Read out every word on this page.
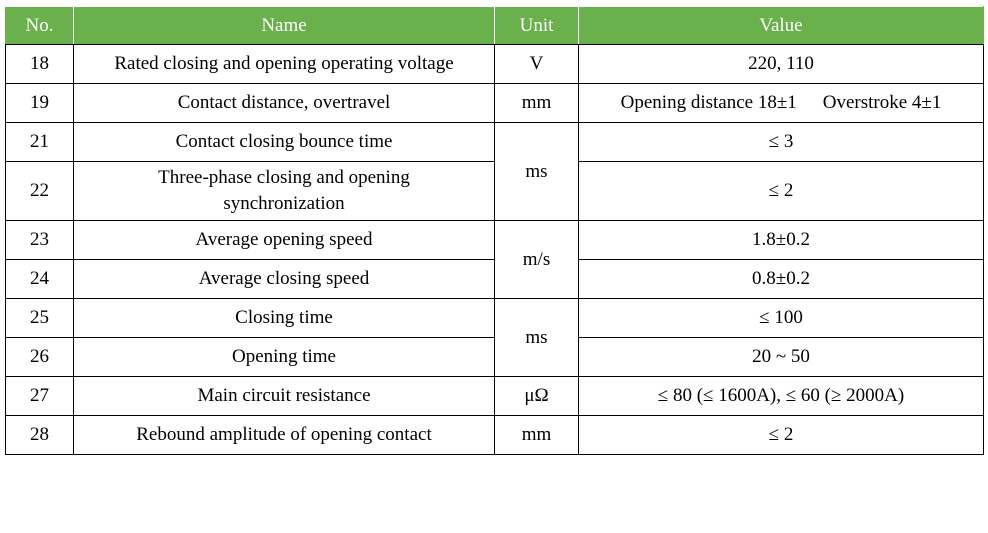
No.	Name	Unit	Value
18	Rated closing and opening operating voltage	V	220, 110
19	Contact distance, overtravel	mm	Opening distance 18±1 Overstroke 4±1
21	Contact closing bounce time	ms	≤ 3
22	Three-phase closing and opening
synchronization		≤ 2
23	Average opening speed	m/s	1.8±0.2
24	Average closing speed		0.8±0.2
25	Closing time	ms	≤ 100
26	Opening time		20 ~ 50
27	Main circuit resistance	μΩ	≤ 80 (≤ 1600A), ≤ 60 (≥ 2000A)
28	Rebound amplitude of opening contact	mm	≤ 2
